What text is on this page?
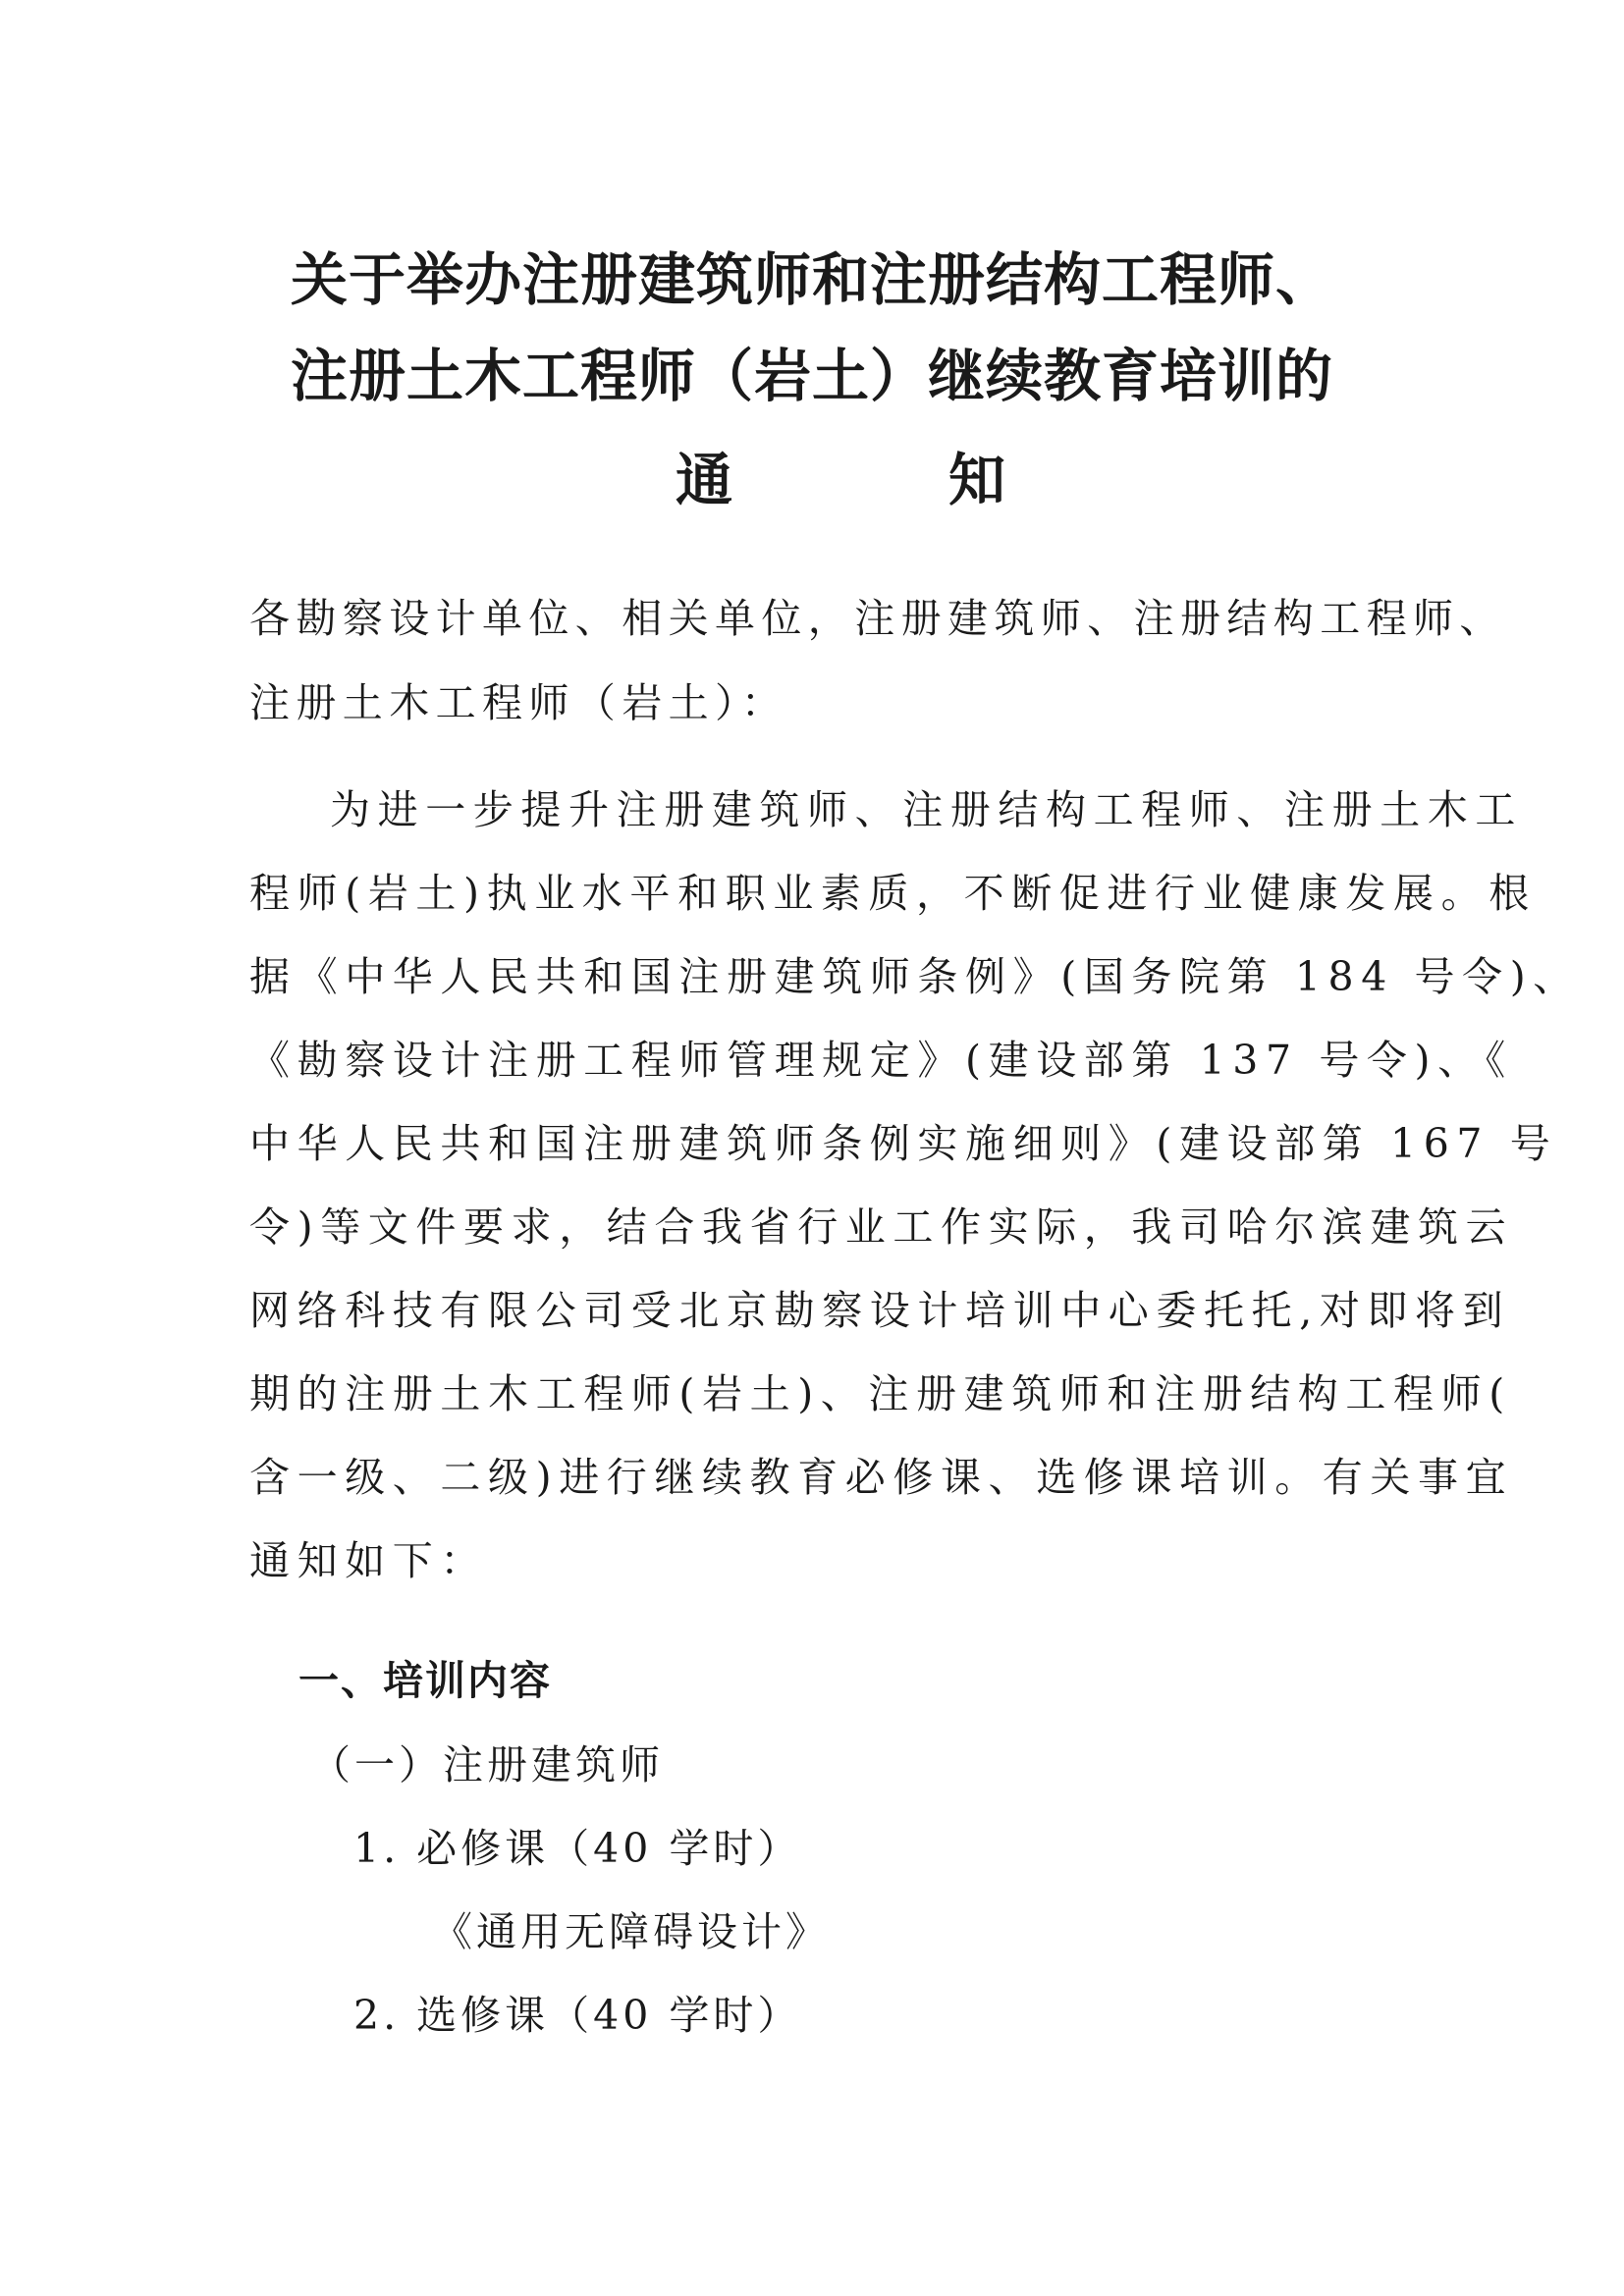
关于举办注册建筑师和注册结构工程师、
注册土木工程师（岩土）继续教育培训的
通	知
各勘察设计单位、相关单位，注册建筑师、注册结构工程师、
注册土木工程师（岩土）：
为进一步提升注册建筑师、注册结构工程师、注册土木工
程师(岩土)执业水平和职业素质，不断促进行业健康发展。根
据《中华人民共和国注册建筑师条例》(国务院第 184 号令)、
《勘察设计注册工程师管理规定》(建设部第 137 号令)、《
中华人民共和国注册建筑师条例实施细则》(建设部第 167 号
令)等文件要求，结合我省行业工作实际，我司哈尔滨建筑云
网络科技有限公司受北京勘察设计培训中心委托托,对即将到
期的注册土木工程师(岩土)、注册建筑师和注册结构工程师(
含一级、二级)进行继续教育必修课、选修课培训。有关事宜
通知如下：
一、培训内容
（一）注册建筑师
1. 必修课（40 学时）
《通用无障碍设计》
2. 选修课（40 学时）
